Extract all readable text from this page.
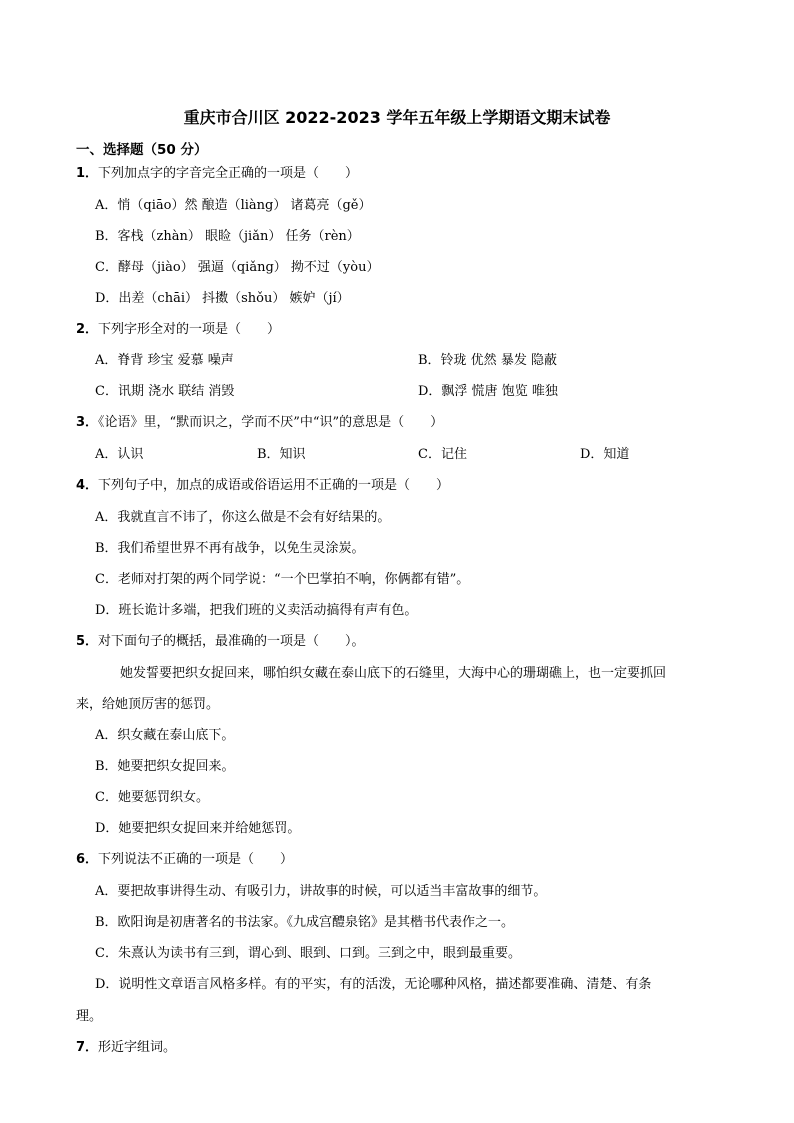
重庆市合川区 2022-2023 学年五年级上学期语文期末试卷
一、选择题（50 分）
1．下列加点字的字音完全正确的一项是（　　）
A．悄（qiāo）然 酿造（liàng） 诸葛亮（gě）
B．客栈（zhàn） 眼睑（jiǎn） 任务（rèn）
C．酵母（jiào） 强逼（qiǎng） 拗不过（yòu）
D．出差（chāi） 抖擞（shǒu） 嫉妒（jí）
2．下列字形全对的一项是（　　）
A．脊背 珍宝 爱慕 噪声	B．铃珑 优然 暴发 隐蔽
C．讯期 浇水 联结 消毁	D．飘浮 慌唐 饱览 唯独
3．《论语》里，“默而识之，学而不厌”中“识”的意思是（　　）
A．认识	B．知识	C．记住	D．知道
4．下列句子中，加点的成语或俗语运用不正确的一项是（　　）
A．我就直言不讳了，你这么做是不会有好结果的。
B．我们希望世界不再有战争，以免生灵涂炭。
C．老师对打架的两个同学说：“一个巴掌拍不响，你俩都有错”。
D．班长诡计多端，把我们班的义卖活动搞得有声有色。
5．对下面句子的概括，最准确的一项是（　　）。
她发誓要把织女捉回来，哪怕织女藏在泰山底下的石缝里，大海中心的珊瑚礁上，也一定要抓回
来，给她顶厉害的惩罚。
A．织女藏在泰山底下。
B．她要把织女捉回来。
C．她要惩罚织女。
D．她要把织女捉回来并给她惩罚。
6．下列说法不正确的一项是（　　）
A．要把故事讲得生动、有吸引力，讲故事的时候，可以适当丰富故事的细节。
B．欧阳询是初唐著名的书法家。《九成宫醴泉铭》是其楷书代表作之一。
C．朱熹认为读书有三到，谓心到、眼到、口到。三到之中，眼到最重要。
D．说明性文章语言风格多样。有的平实，有的活泼，无论哪种风格，描述都要准确、清楚、有条
理。
7．形近字组词。
